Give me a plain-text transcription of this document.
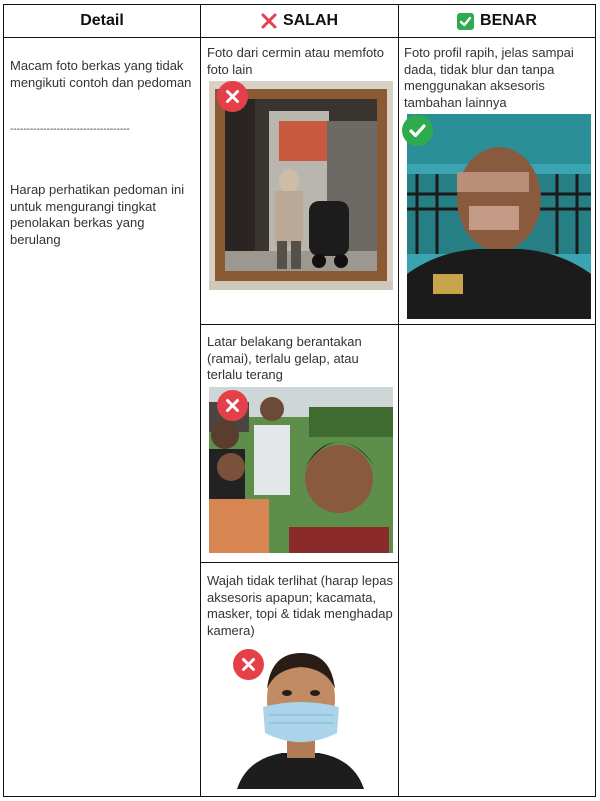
Detail	SALAH	BENAR
Macam foto berkas yang tidak mengikuti contoh dan pedoman
------------------------------------
Harap perhatikan pedoman ini untuk mengurangi tingkat penolakan berkas yang berulang
Foto dari cermin atau memfoto foto lain
Latar belakang berantakan (ramai), terlalu gelap, atau terlalu terang
Wajah tidak terlihat (harap lepas aksesoris apapun; kacamata, masker, topi & tidak menghadap kamera)
Foto profil rapih, jelas sampai dada, tidak blur dan tanpa menggunakan aksesoris tambahan lainnya
